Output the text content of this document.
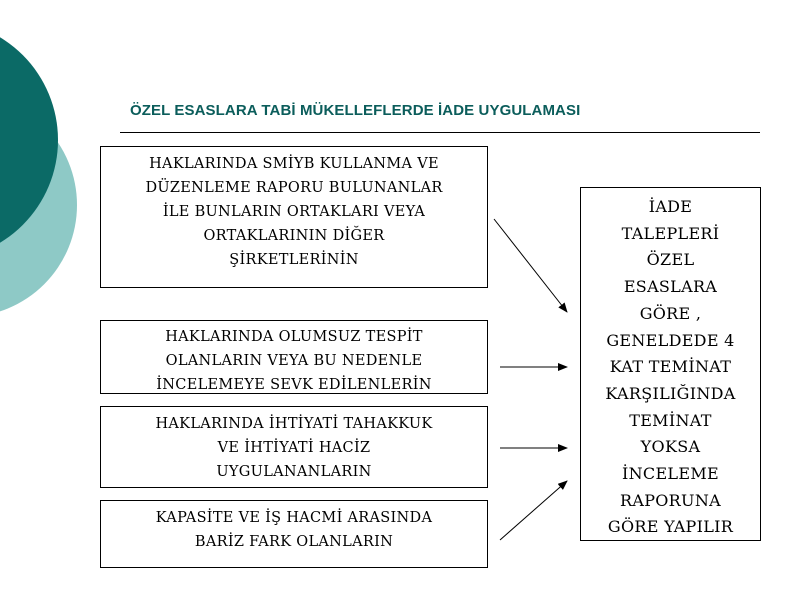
ÖZEL ESASLARA TABİ MÜKELLEFLERDE İADE UYGULAMASI
HAKLARINDA SMİYB KULLANMA VE
DÜZENLEME RAPORU BULUNANLAR
İLE BUNLARIN ORTAKLARI VEYA
ORTAKLARININ DİĞER
ŞİRKETLERİNİN
HAKLARINDA OLUMSUZ TESPİT
OLANLARIN VEYA BU NEDENLE
İNCELEMEYE SEVK EDİLENLERİN
HAKLARINDA İHTİYATİ TAHAKKUK
VE İHTİYATİ HACİZ
UYGULANANLARIN
KAPASİTE VE İŞ HACMİ ARASINDA
BARİZ FARK OLANLARIN
İADE
TALEPLERİ
ÖZEL
ESASLARA
GÖRE ,
GENELDEDE 4
KAT TEMİNAT
KARŞILIĞINDA
TEMİNAT
YOKSA
İNCELEME
RAPORUNA
GÖRE YAPILIR
